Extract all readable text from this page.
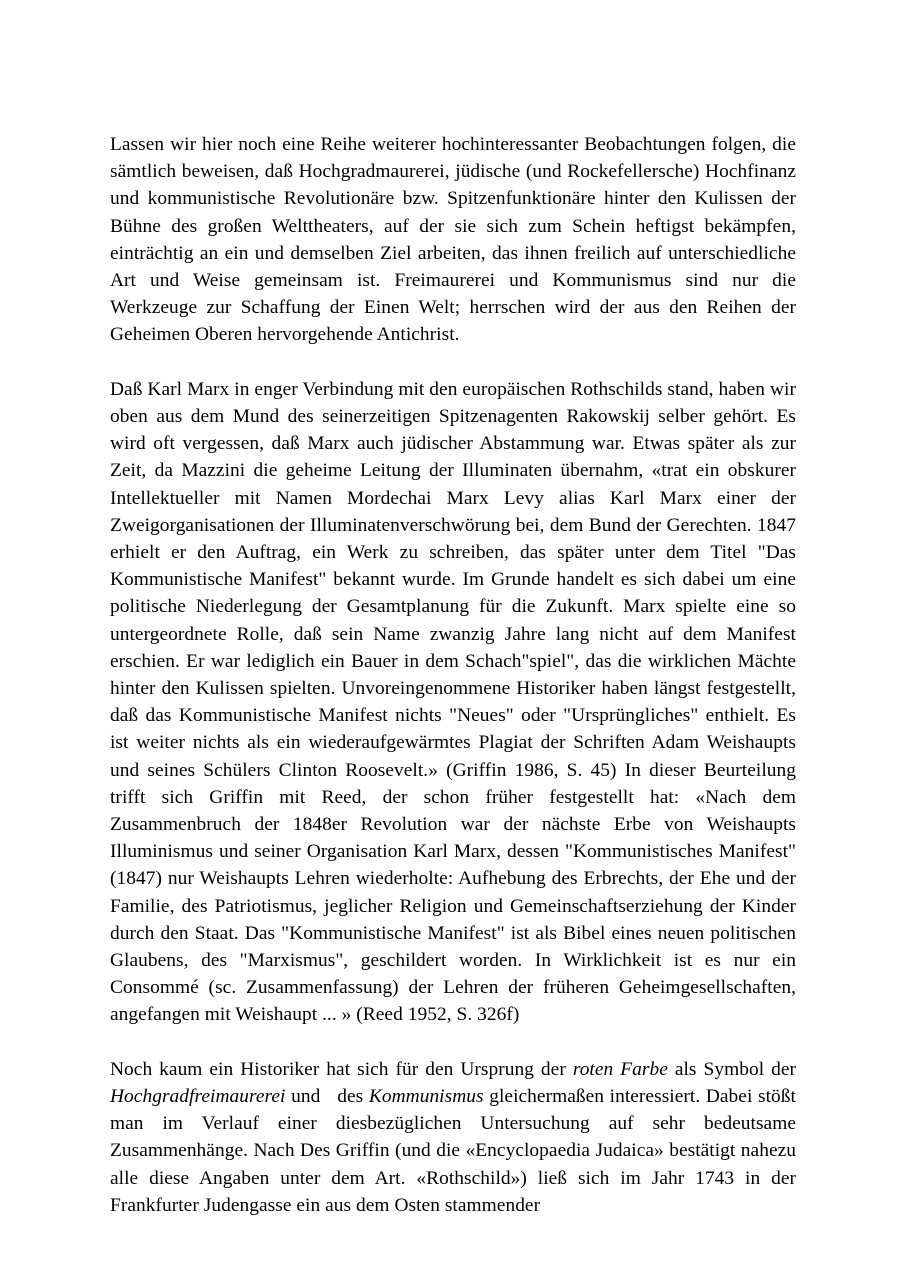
Lassen wir hier noch eine Reihe weiterer hochinteressanter Beobachtungen folgen, die sämtlich beweisen, daß Hochgradmaurerei, jüdische (und Rockefellersche) Hochfinanz und kommunistische Revolutionäre bzw. Spitzenfunktionäre hinter den Kulissen der Bühne des großen Welttheaters, auf der sie sich zum Schein heftigst bekämpfen, einträchtig an ein und demselben Ziel arbeiten, das ihnen freilich auf unterschiedliche Art und Weise gemeinsam ist. Freimaurerei und Kommunismus sind nur die Werkzeuge zur Schaffung der Einen Welt; herrschen wird der aus den Reihen der Geheimen Oberen hervorgehende Antichrist.

Daß Karl Marx in enger Verbindung mit den europäischen Rothschilds stand, haben wir oben aus dem Mund des seinerzeitigen Spitzenagenten Rakowskij selber gehört. Es wird oft vergessen, daß Marx auch jüdischer Abstammung war. Etwas später als zur Zeit, da Mazzini die geheime Leitung der Illuminaten übernahm, «trat ein obskurer Intellektueller mit Namen Mordechai Marx Levy alias Karl Marx einer der Zweigorganisationen der Illuminatenverschwörung bei, dem Bund der Gerechten. 1847 erhielt er den Auftrag, ein Werk zu schreiben, das später unter dem Titel "Das Kommunistische Manifest" bekannt wurde. Im Grunde handelt es sich dabei um eine politische Niederlegung der Gesamtplanung für die Zukunft. Marx spielte eine so untergeordnete Rolle, daß sein Name zwanzig Jahre lang nicht auf dem Manifest erschien. Er war lediglich ein Bauer in dem Schach"spiel", das die wirklichen Mächte hinter den Kulissen spielten. Unvoreingenommene Historiker haben längst festgestellt, daß das Kommunistische Manifest nichts "Neues" oder "Ursprüngliches" enthielt. Es ist weiter nichts als ein wiederaufgewärmtes Plagiat der Schriften Adam Weishaupts und seines Schülers Clinton Roosevelt.» (Griffin 1986, S. 45) In dieser Beurteilung trifft sich Griffin mit Reed, der schon früher festgestellt hat: «Nach dem Zusammenbruch der 1848er Revolution war der nächste Erbe von Weishaupts Illuminismus und seiner Organisation Karl Marx, dessen "Kommunistisches Manifest" (1847) nur Weishaupts Lehren wiederholte: Aufhebung des Erbrechts, der Ehe und der Familie, des Patriotismus, jeglicher Religion und Gemeinschaftserziehung der Kinder durch den Staat. Das "Kommunistische Manifest" ist als Bibel eines neuen politischen Glaubens, des "Marxismus", geschildert worden. In Wirklichkeit ist es nur ein Consommé (sc. Zusammenfassung) der Lehren der früheren Geheimgesellschaften, angefangen mit Weishaupt ... » (Reed 1952, S. 326f)

Noch kaum ein Historiker hat sich für den Ursprung der roten Farbe als Symbol der Hochgradfreimaurerei und   des Kommunismus gleichermaßen interessiert. Dabei stößt man im Verlauf einer diesbezüglichen Untersuchung auf sehr bedeutsame Zusammenhänge. Nach Des Griffin (und die «Encyclopaedia Judaica» bestätigt nahezu alle diese Angaben unter dem Art. «Rothschild») ließ sich im Jahr 1743 in der Frankfurter Judengasse ein aus dem Osten stammender
